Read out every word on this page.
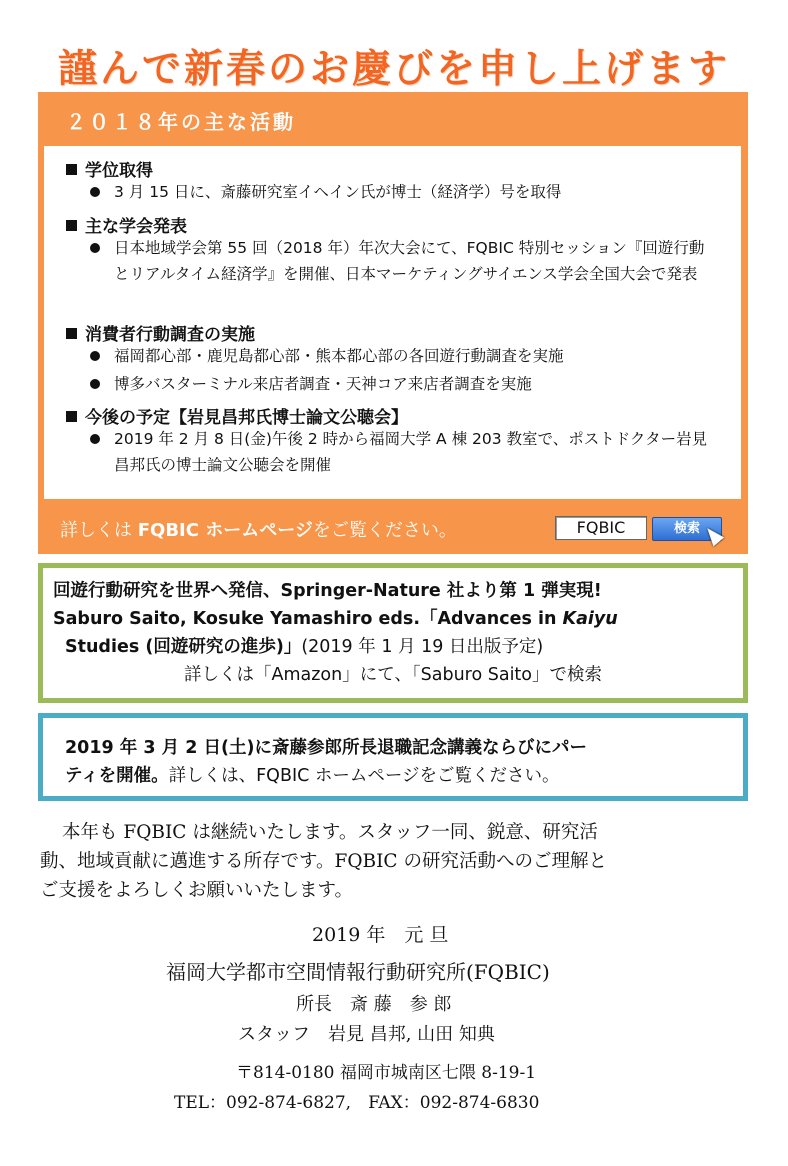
謹んで新春のお慶びを申し上げます
２０１８年の主な活動
学位取得
3 月 15 日に、斎藤研究室イヘイン氏が博士（経済学）号を取得
主な学会発表
日本地域学会第 55 回（2018 年）年次大会にて、FQBIC 特別セッション『回遊行動とリアルタイム経済学』を開催、日本マーケティングサイエンス学会全国大会で発表
消費者行動調査の実施
福岡都心部・鹿児島都心部・熊本都心部の各回遊行動調査を実施
博多バスターミナル来店者調査・天神コア来店者調査を実施
今後の予定【岩見昌邦氏博士論文公聴会】
2019 年 2 月 8 日(金)午後 2 時から福岡大学 A 棟 203 教室で、ポストドクター岩見昌邦氏の博士論文公聴会を開催
詳しくは FQBIC ホームページをご覧ください。	FQBIC	検索
回遊行動研究を世界へ発信、Springer-Nature 社より第 1 弾実現!
Saburo Saito, Kosuke Yamashiro eds.「Advances in Kaiyu
Studies (回遊研究の進歩)」(2019 年 1 月 19 日出版予定)
詳しくは「Amazon」にて、「Saburo Saito」で検索
2019 年 3 月 2 日(土)に斎藤参郎所長退職記念講義ならびにパー
ティを開催。詳しくは、FQBIC ホームページをご覧ください。
本年も FQBIC は継続いたします。スタッフ一同、鋭意、研究活
動、地域貢献に邁進する所存です。FQBIC の研究活動へのご理解と
ご支援をよろしくお願いいたします。
2019 年　元 旦
福岡大学都市空間情報行動研究所(FQBIC)
所長　斎 藤　参 郎
スタッフ　岩見 昌邦, 山田 知典
〒814-0180 福岡市城南区七隈 8-19-1
TEL：092-874-6827,　FAX：092-874-6830
